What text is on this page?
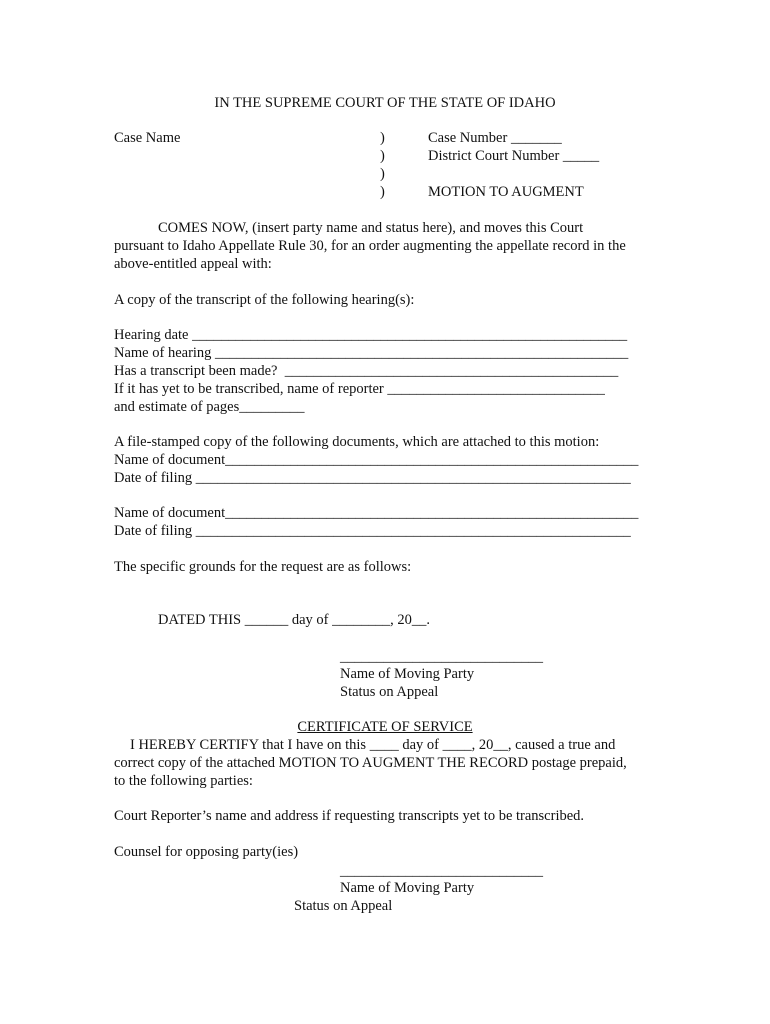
IN THE SUPREME COURT OF THE STATE OF IDAHO
Case Name	)
)
)
)
Case Number _______
District Court Number _____
MOTION TO AUGMENT
COMES NOW, (insert party name and status here), and moves this Court
pursuant to Idaho Appellate Rule 30, for an order augmenting the appellate record in the
above-entitled appeal with:
A copy of the transcript of the following hearing(s):
Hearing date ____________________________________________________________
Name of hearing _________________________________________________________
Has a transcript been made?  ______________________________________________
If it has yet to be transcribed, name of reporter ______________________________
and estimate of pages_________
A file-stamped copy of the following documents, which are attached to this motion:
Name of document_________________________________________________________
Date of filing ____________________________________________________________
Name of document_________________________________________________________
Date of filing ____________________________________________________________
The specific grounds for the request are as follows:
DATED THIS ______ day of ________, 20__.
____________________________
Name of Moving Party
Status on Appeal
CERTIFICATE OF SERVICE
I HEREBY CERTIFY that I have on this ____ day of ____, 20__, caused a true and
correct copy of the attached MOTION TO AUGMENT THE RECORD postage prepaid,
to the following parties:
Court Reporter’s name and address if requesting transcripts yet to be transcribed.
Counsel for opposing party(ies)
____________________________
Name of Moving Party
Status on Appeal
